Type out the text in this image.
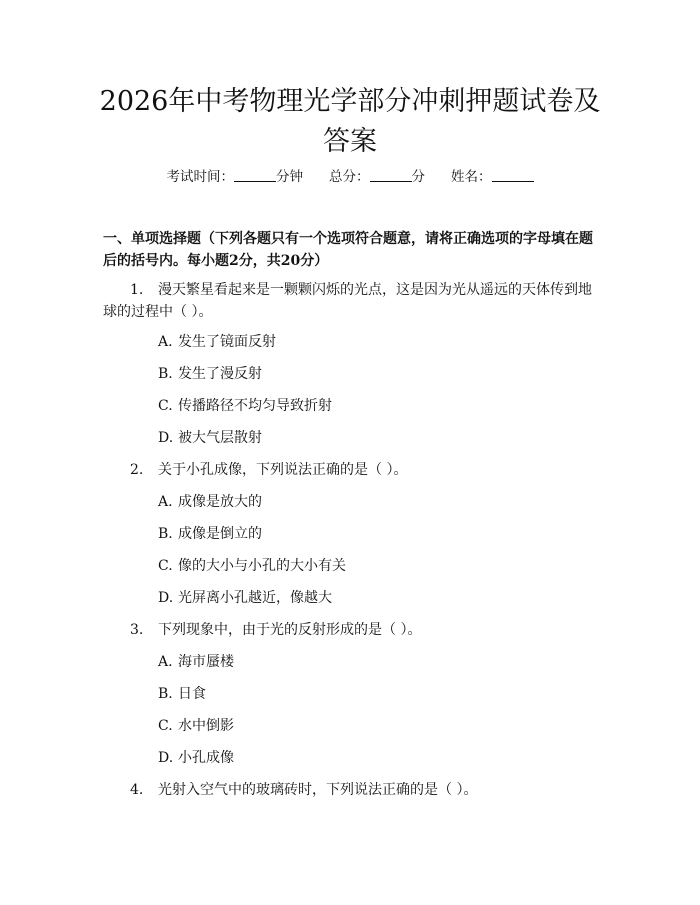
2026年中考物理光学部分冲刺押题试卷及答案
考试时间：	分钟 总分：	分 姓名：

一、单项选择题（下列各题只有一个选项符合题意，请将正确选项的字母填在题后的括号内。每小题2分，共20分）

1. 漫天繁星看起来是一颗颗闪烁的光点，这是因为光从遥远的天体传到地球的过程中（ ）。

A. 发生了镜面反射

B. 发生了漫反射

C. 传播路径不均匀导致折射

D. 被大气层散射

2. 关于小孔成像，下列说法正确的是（ ）。

A. 成像是放大的

B. 成像是倒立的

C. 像的大小与小孔的大小有关

D. 光屏离小孔越近，像越大

3. 下列现象中，由于光的反射形成的是（ ）。

A. 海市蜃楼

B. 日食

C. 水中倒影

D. 小孔成像

4. 光射入空气中的玻璃砖时，下列说法正确的是（ ）。
